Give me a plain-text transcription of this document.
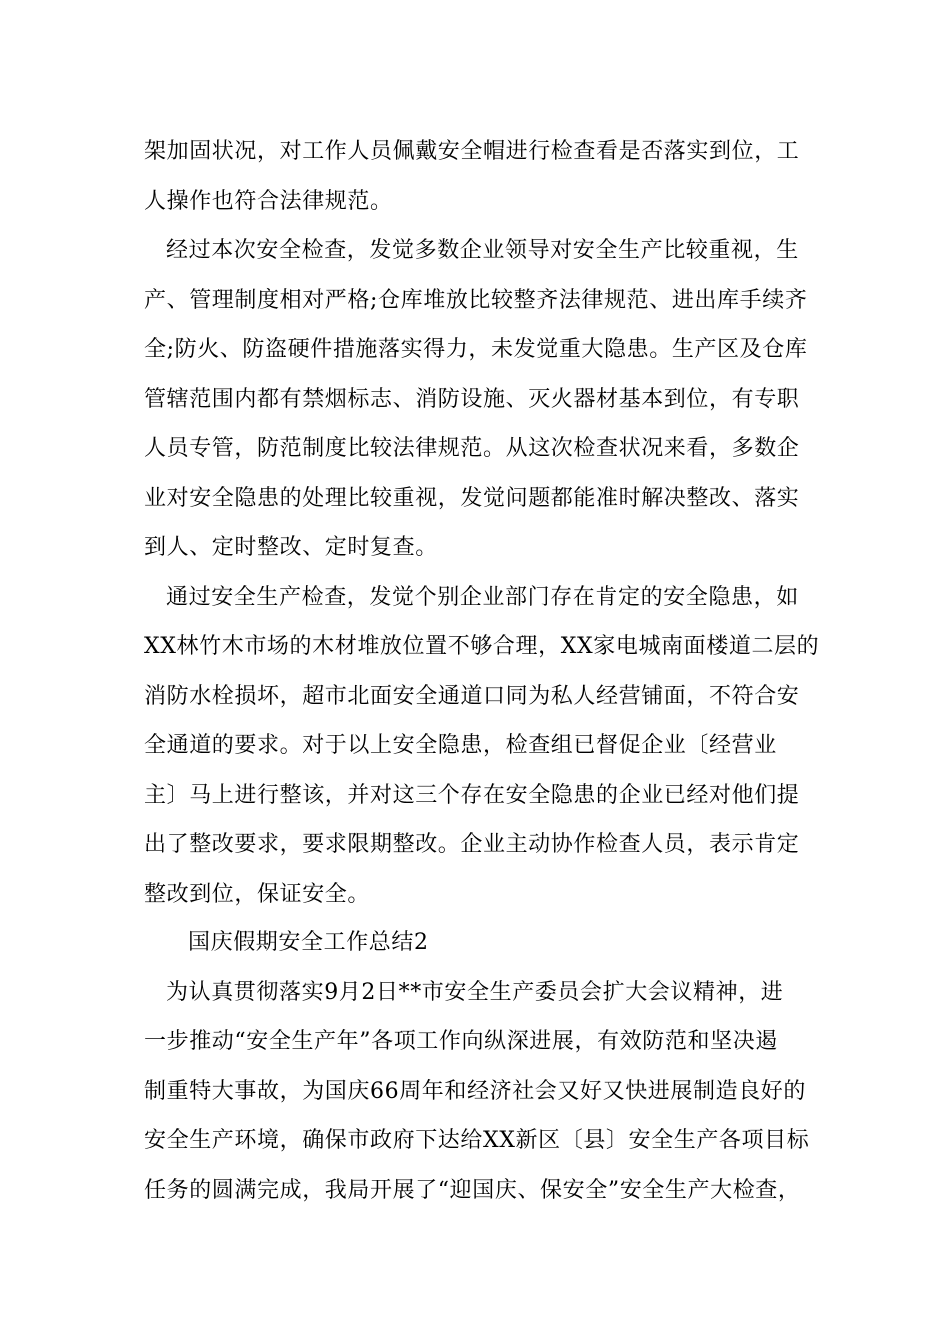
架加固状况，对工作人员佩戴安全帽进行检查看是否落实到位，工
人操作也符合法律规范。
经过本次安全检查，发觉多数企业领导对安全生产比较重视，生
产、管理制度相对严格;仓库堆放比较整齐法律规范、进出库手续齐
全;防火、防盗硬件措施落实得力，未发觉重大隐患。生产区及仓库
管辖范围内都有禁烟标志、消防设施、灭火器材基本到位，有专职
人员专管，防范制度比较法律规范。从这次检查状况来看，多数企
业对安全隐患的处理比较重视，发觉问题都能准时解决整改、落实
到人、定时整改、定时复查。
通过安全生产检查，发觉个别企业部门存在肯定的安全隐患，如
XX林竹木市场的木材堆放位置不够合理，XX家电城南面楼道二层的
消防水栓损坏，超市北面安全通道口同为私人经营铺面，不符合安
全通道的要求。对于以上安全隐患，检查组已督促企业〔经营业
主〕马上进行整该，并对这三个存在安全隐患的企业已经对他们提
出了整改要求，要求限期整改。企业主动协作检查人员，表示肯定
整改到位，保证安全。
国庆假期安全工作总结2
为认真贯彻落实9月2日**市安全生产委员会扩大会议精神，进
一步推动“安全生产年”各项工作向纵深进展，有效防范和坚决遏
制重特大事故，为国庆66周年和经济社会又好又快进展制造良好的
安全生产环境，确保市政府下达给XX新区〔县〕安全生产各项目标
任务的圆满完成，我局开展了“迎国庆、保安全”安全生产大检查，
